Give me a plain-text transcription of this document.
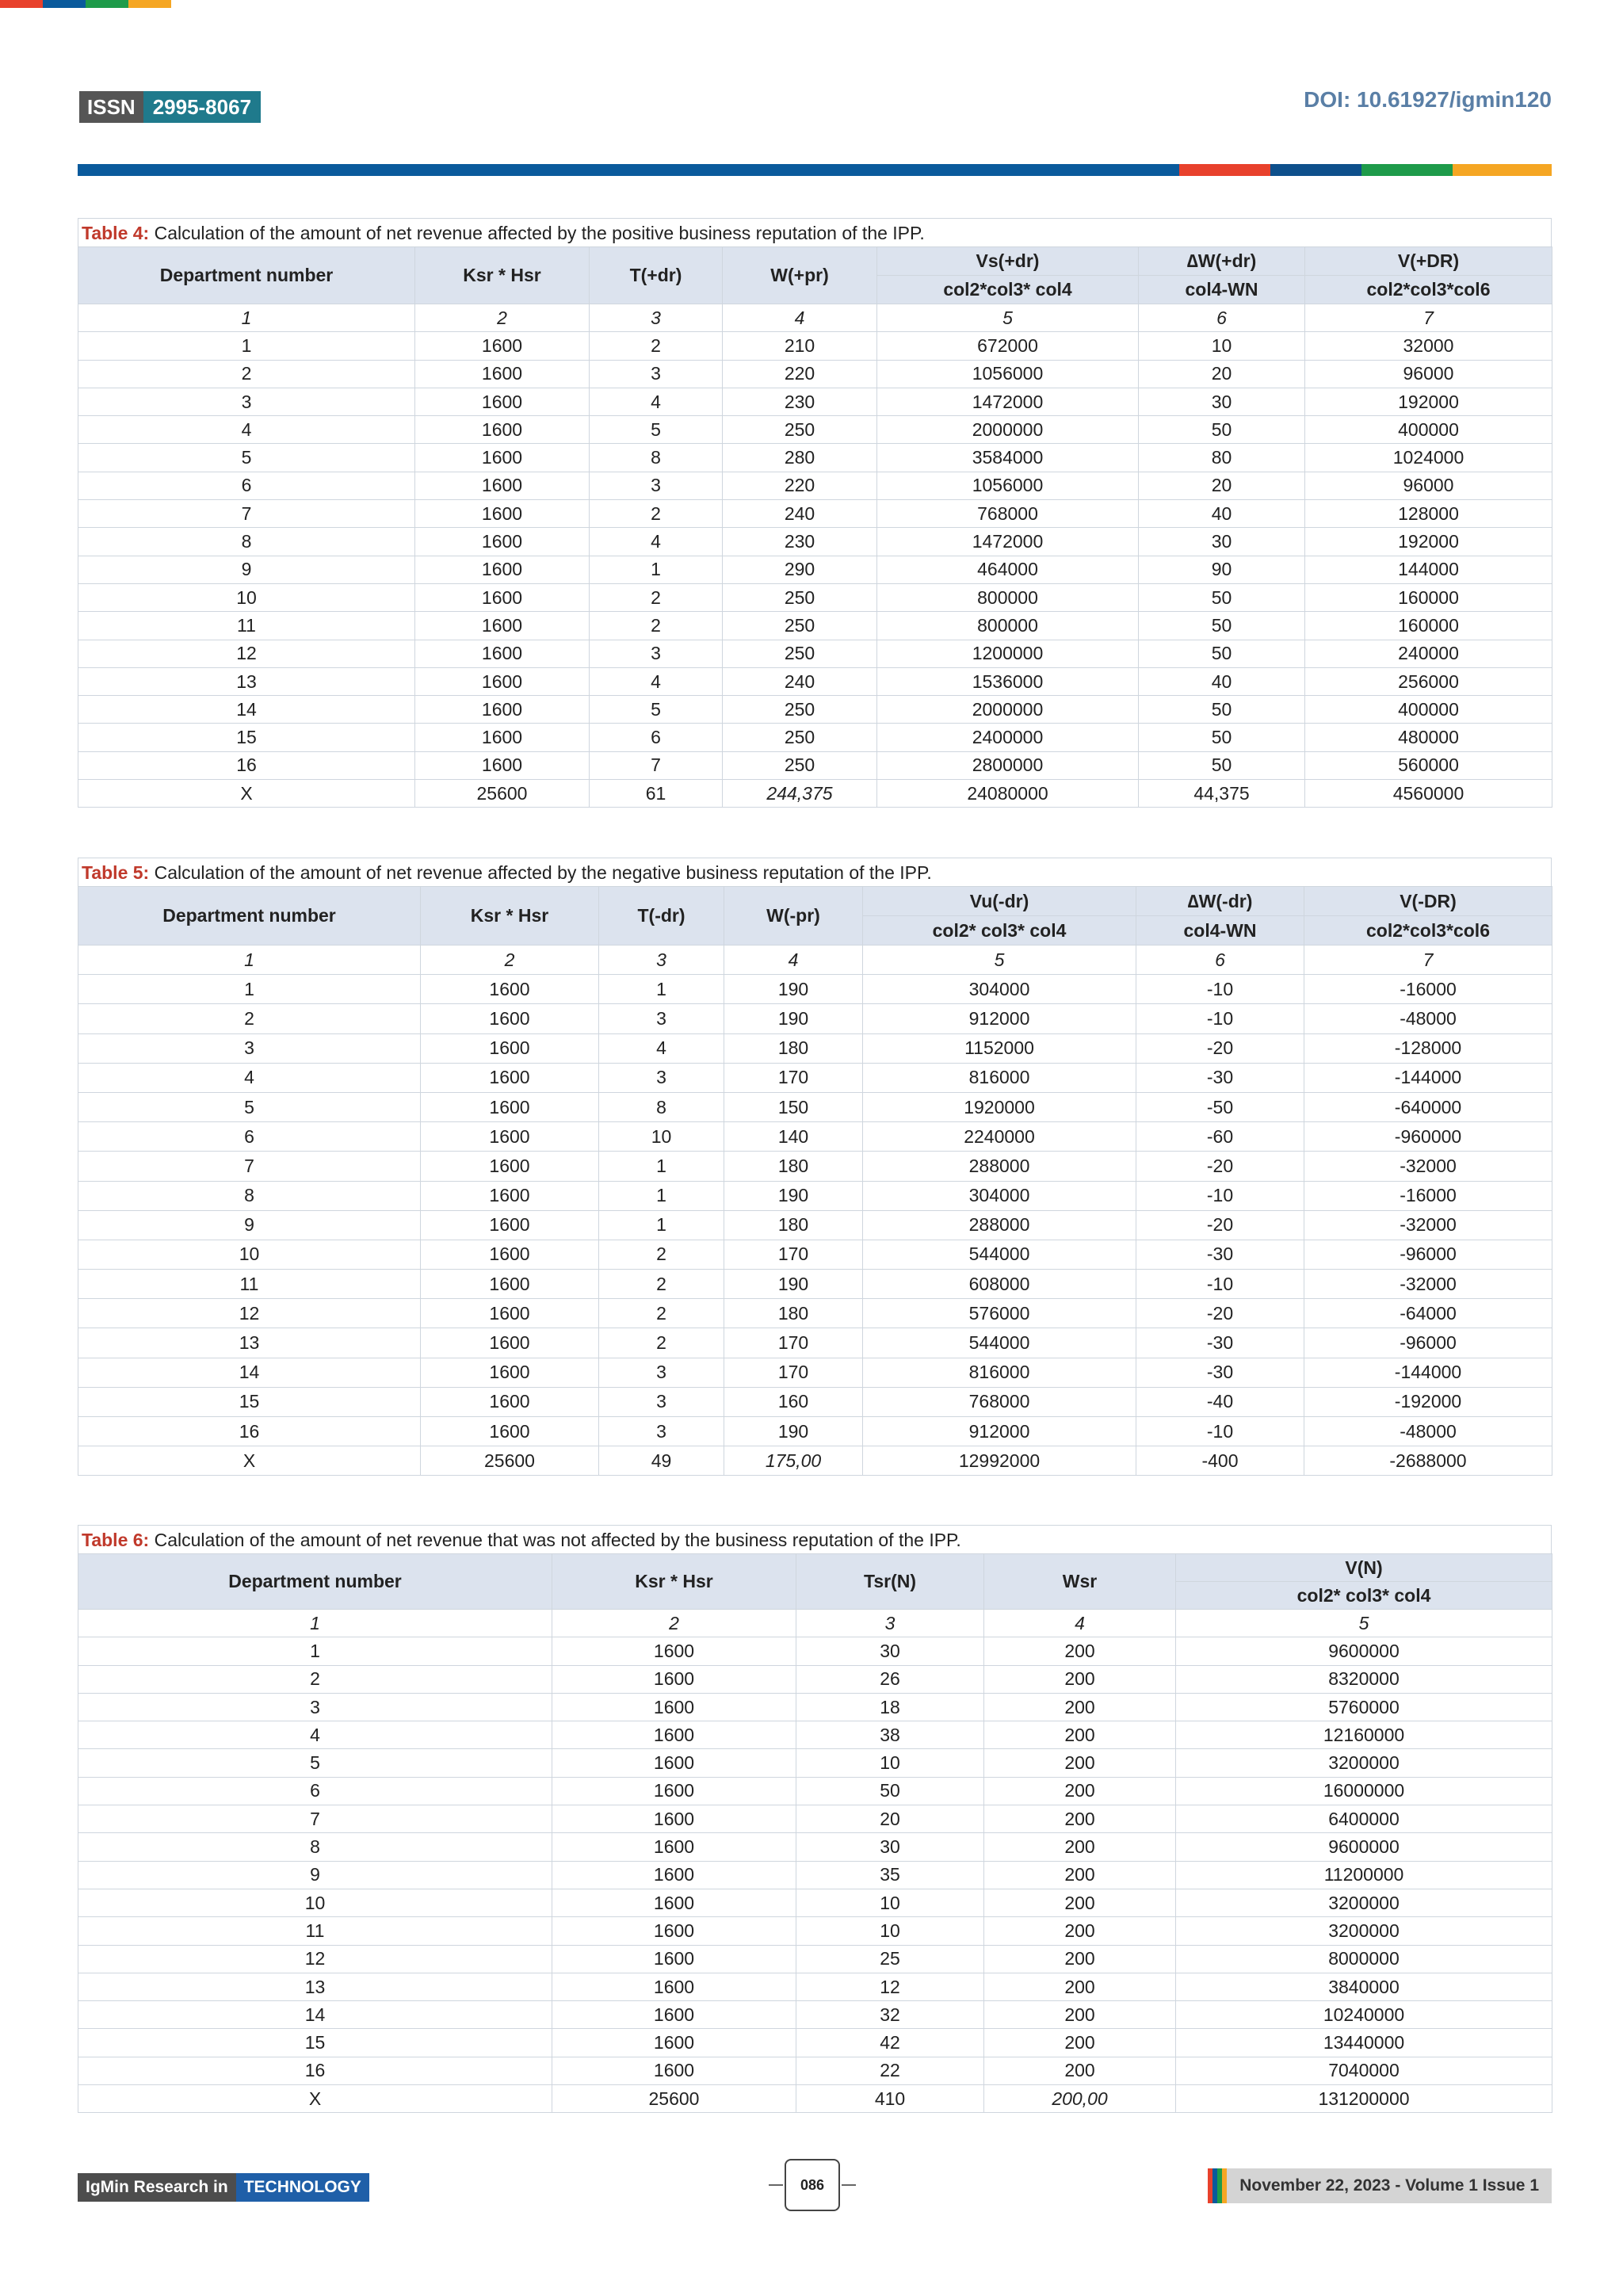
ISSN 2995-8067	DOI: 10.61927/igmin120
Table 4: Calculation of the amount of net revenue affected by the positive business reputation of the IPP.
Department number	Ksr * Hsr	T(+dr)	W(+pr)	Vs(+dr)	∆W(+dr)	V(+DR)
				col2*col3* col4	col4-WN	col2*col3*col6
1	2	3	4	5	6	7
1	1600	2	210	672000	10	32000
2	1600	3	220	1056000	20	96000
3	1600	4	230	1472000	30	192000
4	1600	5	250	2000000	50	400000
5	1600	8	280	3584000	80	1024000
6	1600	3	220	1056000	20	96000
7	1600	2	240	768000	40	128000
8	1600	4	230	1472000	30	192000
9	1600	1	290	464000	90	144000
10	1600	2	250	800000	50	160000
11	1600	2	250	800000	50	160000
12	1600	3	250	1200000	50	240000
13	1600	4	240	1536000	40	256000
14	1600	5	250	2000000	50	400000
15	1600	6	250	2400000	50	480000
16	1600	7	250	2800000	50	560000
X	25600	61	244,375	24080000	44,375	4560000
Table 5: Calculation of the amount of net revenue affected by the negative business reputation of the IPP.
Department number	Ksr * Hsr	T(-dr)	W(-pr)	Vu(-dr)	∆W(-dr)	V(-DR)
				col2* col3* col4	col4-WN	col2*col3*col6
1	2	3	4	5	6	7
1	1600	1	190	304000	-10	-16000
2	1600	3	190	912000	-10	-48000
3	1600	4	180	1152000	-20	-128000
4	1600	3	170	816000	-30	-144000
5	1600	8	150	1920000	-50	-640000
6	1600	10	140	2240000	-60	-960000
7	1600	1	180	288000	-20	-32000
8	1600	1	190	304000	-10	-16000
9	1600	1	180	288000	-20	-32000
10	1600	2	170	544000	-30	-96000
11	1600	2	190	608000	-10	-32000
12	1600	2	180	576000	-20	-64000
13	1600	2	170	544000	-30	-96000
14	1600	3	170	816000	-30	-144000
15	1600	3	160	768000	-40	-192000
16	1600	3	190	912000	-10	-48000
X	25600	49	175,00	12992000	-400	-2688000
Table 6: Calculation of the amount of net revenue that was not affected by the business reputation of the IPP.
Department number	Ksr * Hsr	Tsr(N)	Wsr	V(N)
				col2* col3* col4
1	2	3	4	5
1	1600	30	200	9600000
2	1600	26	200	8320000
3	1600	18	200	5760000
4	1600	38	200	12160000
5	1600	10	200	3200000
6	1600	50	200	16000000
7	1600	20	200	6400000
8	1600	30	200	9600000
9	1600	35	200	11200000
10	1600	10	200	3200000
11	1600	10	200	3200000
12	1600	25	200	8000000
13	1600	12	200	3840000
14	1600	32	200	10240000
15	1600	42	200	13440000
16	1600	22	200	7040000
X	25600	410	200,00	131200000
IgMin Research in TECHNOLOGY	086	November 22, 2023 - Volume 1 Issue 1
